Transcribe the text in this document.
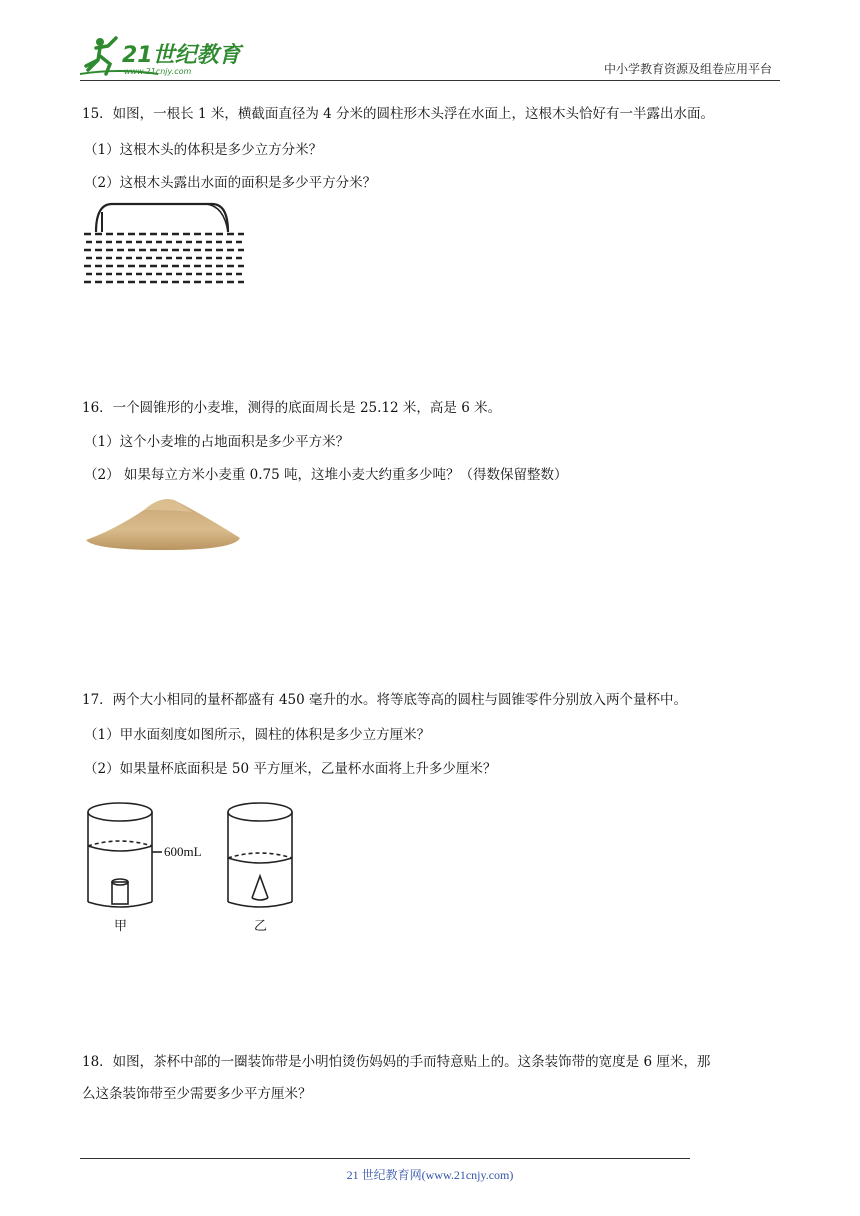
21世纪教育
www.21cnjy.com	中小学教育资源及组卷应用平台
15．如图，一根长 1 米，横截面直径为 4 分米的圆柱形木头浮在水面上，这根木头恰好有一半露出水面。
（1）这根木头的体积是多少立方分米？
（2）这根木头露出水面的面积是多少平方分米？
16．一个圆锥形的小麦堆，测得的底面周长是 25.12 米，高是 6 米。
（1）这个小麦堆的占地面积是多少平方米？
（2） 如果每立方米小麦重 0.75 吨，这堆小麦大约重多少吨？（得数保留整数）
17．两个大小相同的量杯都盛有 450 毫升的水。将等底等高的圆柱与圆锥零件分别放入两个量杯中。
（1）甲水面刻度如图所示，圆柱的体积是多少立方厘米？
（2）如果量杯底面积是 50 平方厘米，乙量杯水面将上升多少厘米？
600mL
甲	乙
18．如图，茶杯中部的一圈装饰带是小明怕烫伤妈妈的手而特意贴上的。这条装饰带的宽度是 6 厘米，那
么这条装饰带至少需要多少平方厘米？
21 世纪教育网(www.21cnjy.com)
